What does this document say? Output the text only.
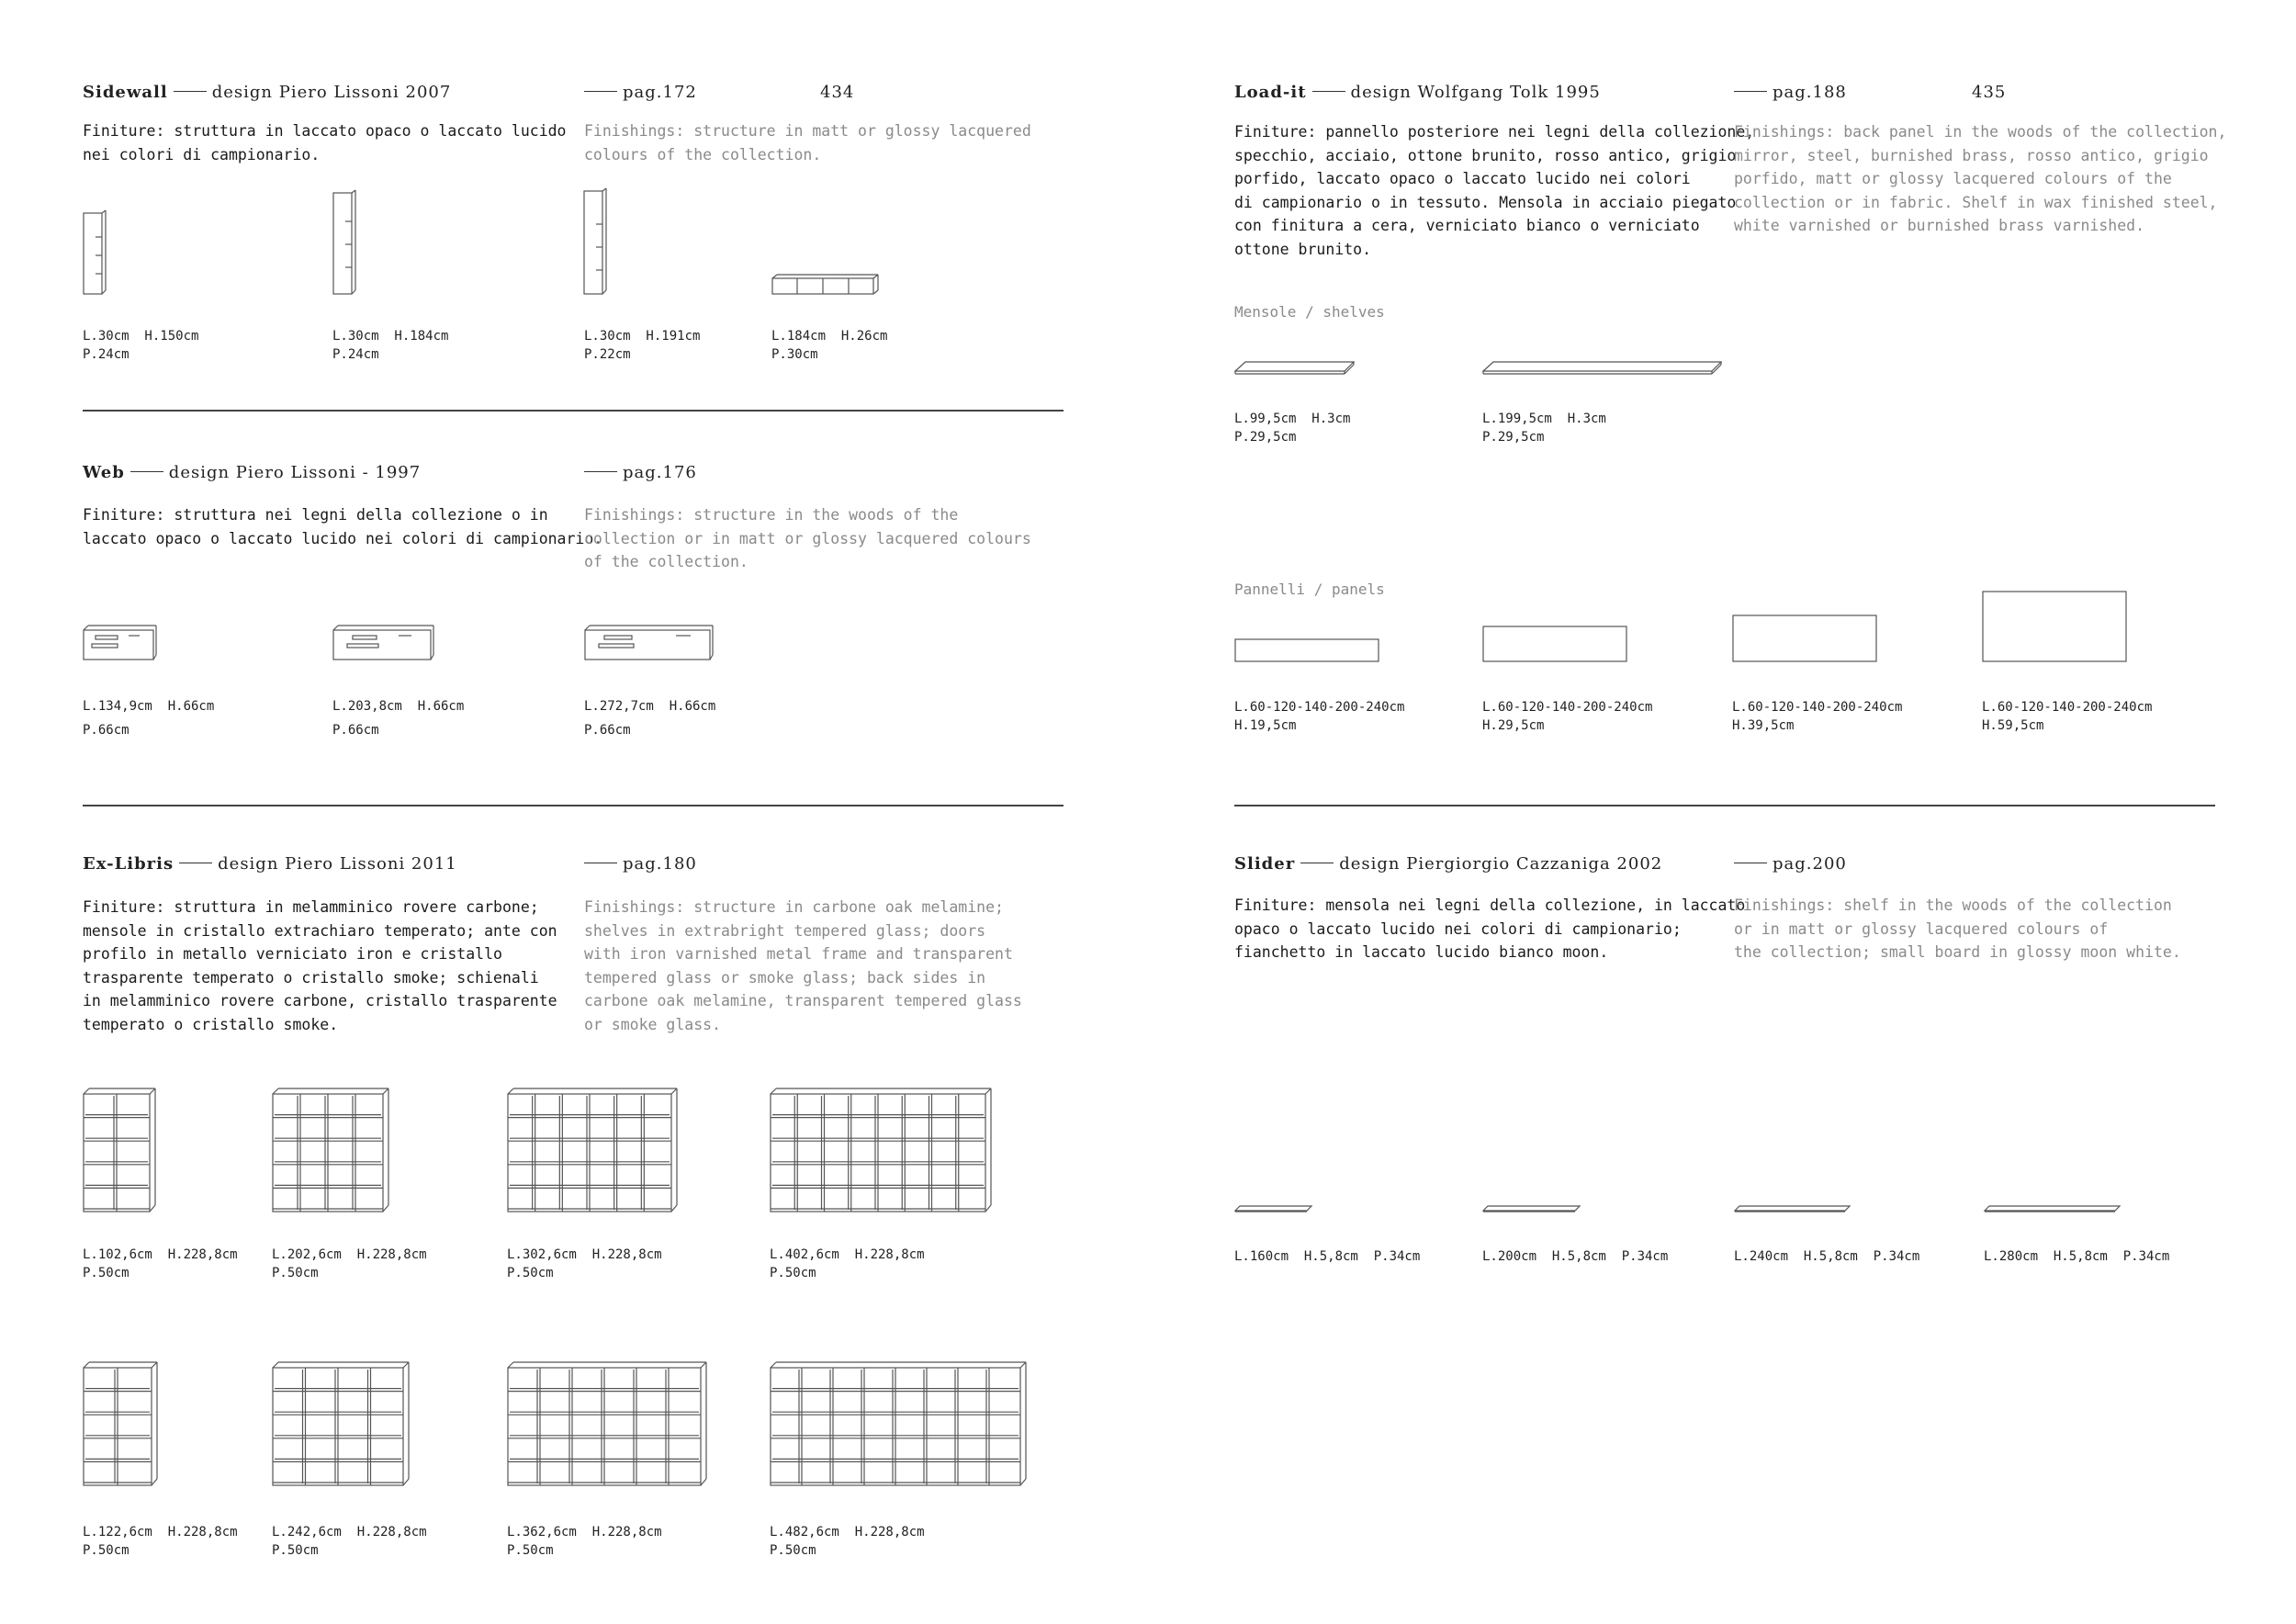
Sidewall	design Piero Lissoni 2007	pag.172	434
Finiture: struttura in laccato opaco o laccato lucido
nei colori di campionario.
Finishings: structure in matt or glossy lacquered
colours of the collection.
L.30cm  H.150cm
P.24cm
L.30cm  H.184cm
P.24cm
L.30cm  H.191cm
P.22cm
L.184cm  H.26cm
P.30cm
Web	design Piero Lissoni - 1997	pag.176
Finiture: struttura nei legni della collezione o in
laccato opaco o laccato lucido nei colori di campionario.
Finishings: structure in the woods of the
collection or in matt or glossy lacquered colours
of the collection.
L.134,9cm  H.66cm
P.66cm
L.203,8cm  H.66cm
P.66cm
L.272,7cm  H.66cm
P.66cm
Ex-Libris	design Piero Lissoni 2011	pag.180
Finiture: struttura in melamminico rovere carbone;
mensole in cristallo extrachiaro temperato; ante con
profilo in metallo verniciato iron e cristallo
trasparente temperato o cristallo smoke; schienali
in melamminico rovere carbone, cristallo trasparente
temperato o cristallo smoke.
Finishings: structure in carbone oak melamine;
shelves in extrabright tempered glass; doors
with iron varnished metal frame and transparent
tempered glass or smoke glass; back sides in
carbone oak melamine, transparent tempered glass
or smoke glass.
L.102,6cm  H.228,8cm
P.50cm
L.202,6cm  H.228,8cm
P.50cm
L.302,6cm  H.228,8cm
P.50cm
L.402,6cm  H.228,8cm
P.50cm
L.122,6cm  H.228,8cm
P.50cm
L.242,6cm  H.228,8cm
P.50cm
L.362,6cm  H.228,8cm
P.50cm
L.482,6cm  H.228,8cm
P.50cm
Load-it	design Wolfgang Tolk 1995	pag.188	435
Finiture: pannello posteriore nei legni della collezione,
specchio, acciaio, ottone brunito, rosso antico, grigio
porfido, laccato opaco o laccato lucido nei colori
di campionario o in tessuto. Mensola in acciaio piegato
con finitura a cera, verniciato bianco o verniciato
ottone brunito.
Finishings: back panel in the woods of the collection,
mirror, steel, burnished brass, rosso antico, grigio
porfido, matt or glossy lacquered colours of the
collection or in fabric. Shelf in wax finished steel,
white varnished or burnished brass varnished.
Mensole / shelves
L.99,5cm  H.3cm
P.29,5cm
L.199,5cm  H.3cm
P.29,5cm
Pannelli / panels
L.60-120-140-200-240cm
H.19,5cm
L.60-120-140-200-240cm
H.29,5cm
L.60-120-140-200-240cm
H.39,5cm
L.60-120-140-200-240cm
H.59,5cm
Slider	design Piergiorgio Cazzaniga 2002	pag.200
Finiture: mensola nei legni della collezione, in laccato
opaco o laccato lucido nei colori di campionario;
fianchetto in laccato lucido bianco moon.
Finishings: shelf in the woods of the collection
or in matt or glossy lacquered colours of
the collection; small board in glossy moon white.
L.160cm  H.5,8cm  P.34cm	L.200cm  H.5,8cm  P.34cm	L.240cm  H.5,8cm  P.34cm	L.280cm  H.5,8cm  P.34cm
